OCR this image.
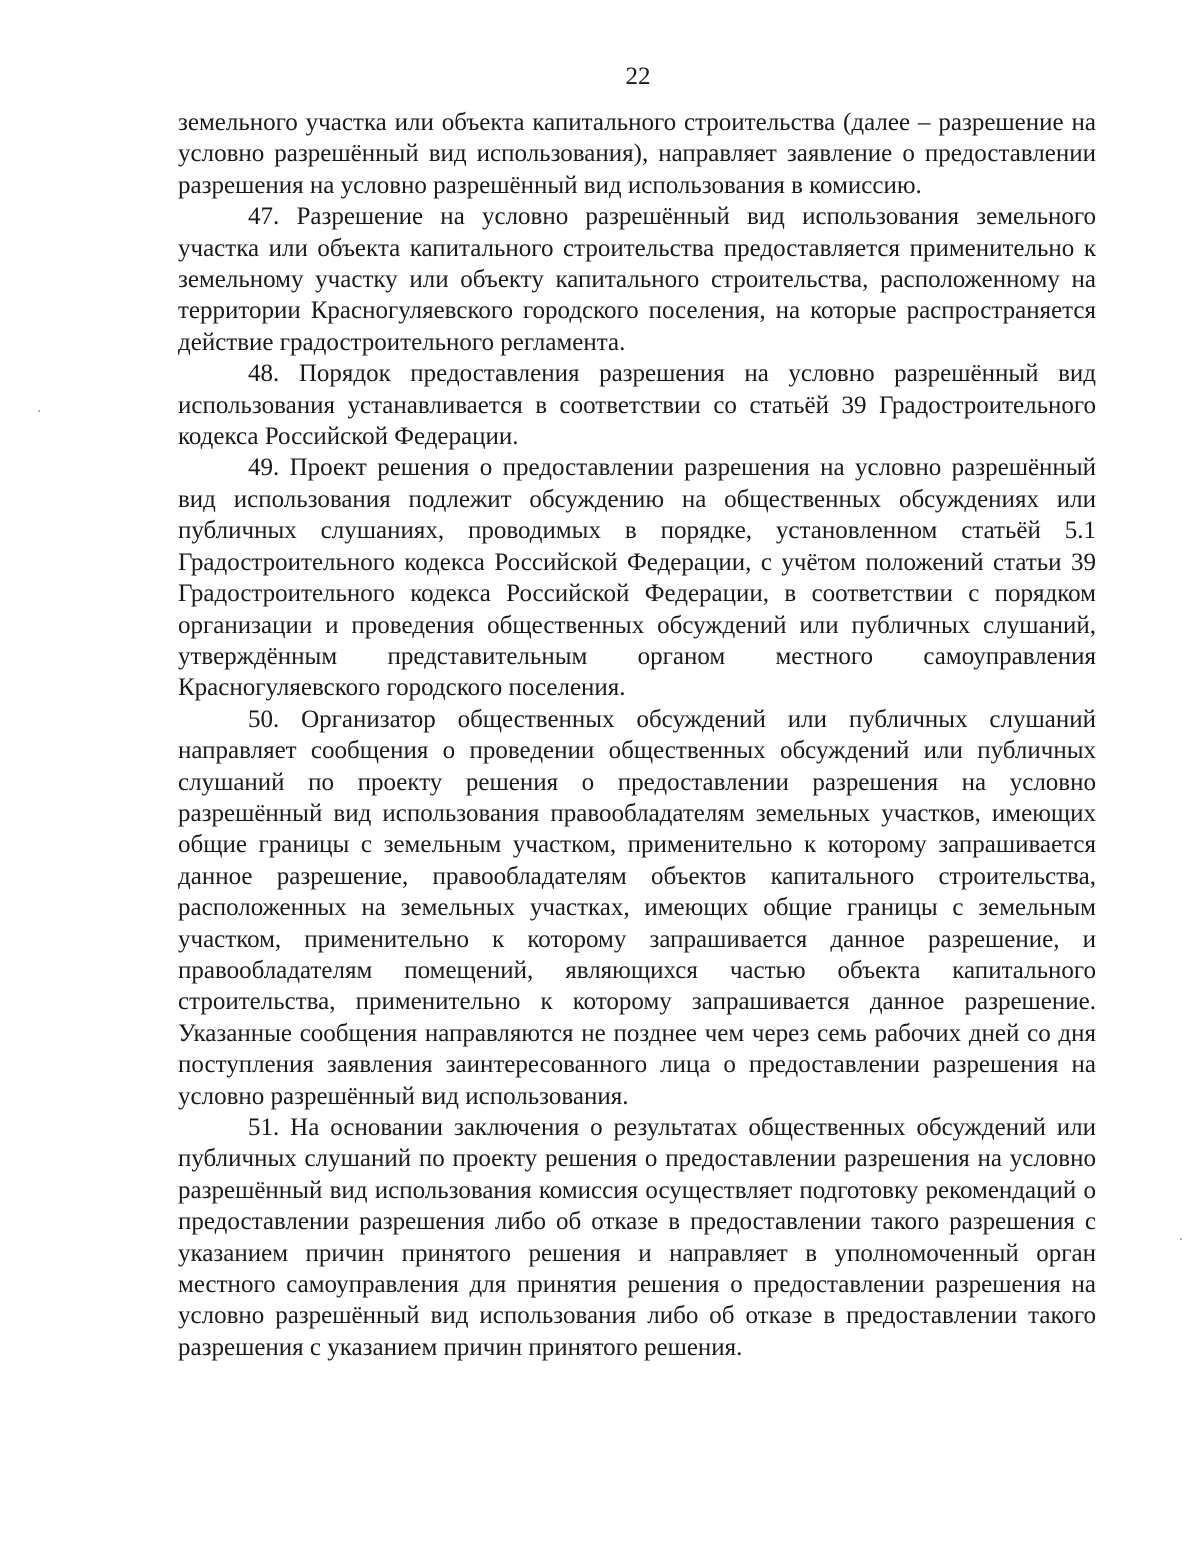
22

земельного участка или объекта капитального строительства (далее – разрешение на условно разрешённый вид использования), направляет заявление о предоставлении разрешения на условно разрешённый вид использования в комиссию.

47. Разрешение на условно разрешённый вид использования земельного участка или объекта капитального строительства предоставляется применительно к земельному участку или объекту капитального строительства, расположенному на территории Красногуляевского городского поселения, на которые распространяется действие градостроительного регламента.

48. Порядок предоставления разрешения на условно разрешённый вид использования устанавливается в соответствии со статьёй 39 Градостроительного кодекса Российской Федерации.

49. Проект решения о предоставлении разрешения на условно разрешённый вид использования подлежит обсуждению на общественных обсуждениях или публичных слушаниях, проводимых в порядке, установленном статьёй 5.1 Градостроительного кодекса Российской Федерации, с учётом положений статьи 39 Градостроительного кодекса Российской Федерации, в соответствии с порядком организации и проведения общественных обсуждений или публичных слушаний, утверждённым представительным органом местного самоуправления Красногуляевского городского поселения.

50. Организатор общественных обсуждений или публичных слушаний направляет сообщения о проведении общественных обсуждений или публичных слушаний по проекту решения о предоставлении разрешения на условно разрешённый вид использования правообладателям земельных участков, имеющих общие границы с земельным участком, применительно к которому запрашивается данное разрешение, правообладателям объектов капитального строительства, расположенных на земельных участках, имеющих общие границы с земельным участком, применительно к которому запрашивается данное разрешение, и правообладателям помещений, являющихся частью объекта капитального строительства, применительно к которому запрашивается данное разрешение. Указанные сообщения направляются не позднее чем через семь рабочих дней со дня поступления заявления заинтересованного лица о предоставлении разрешения на условно разрешённый вид использования.

51. На основании заключения о результатах общественных обсуждений или публичных слушаний по проекту решения о предоставлении разрешения на условно разрешённый вид использования комиссия осуществляет подготовку рекомендаций о предоставлении разрешения либо об отказе в предоставлении такого разрешения с указанием причин принятого решения и направляет в уполномоченный орган местного самоуправления для принятия решения о предоставлении разрешения на условно разрешённый вид использования либо об отказе в предоставлении такого разрешения с указанием причин принятого решения.
